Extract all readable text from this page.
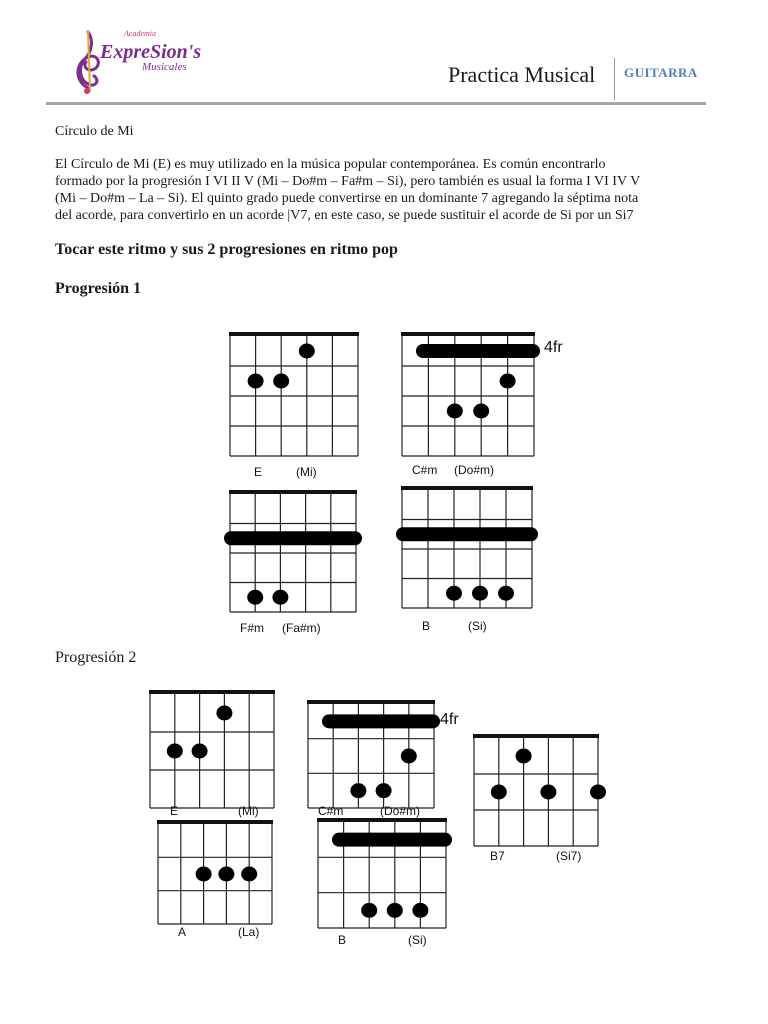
Academia
ExpreSion's
Musicales	Practica Musical GUITARRA
Círculo de Mi
El Círculo de Mi (E) es muy utilizado en la música popular contemporánea. Es común encontrarlo
formado por la progresión I VI II V (Mi – Do#m – Fa#m – Si), pero también es usual la forma I VI IV V
(Mi – Do#m – La – Si). El quinto grado puede convertirse en un dominante 7 agregando la séptima nota
del acorde, para convertirlo en un acorde |V7, en este caso, se puede sustituir el acorde de Si por un Si7
Tocar este ritmo y sus 2 progresiones en ritmo pop
Progresión 1
Progresión 2
E	(Mi)
4fr
C#m (Do#m)
F#m (Fa#m)	B	(Si)
E	(Mi)
4fr
C#m	(Do#m)
B7	(Si7)
A	(La)
B	(Si)
